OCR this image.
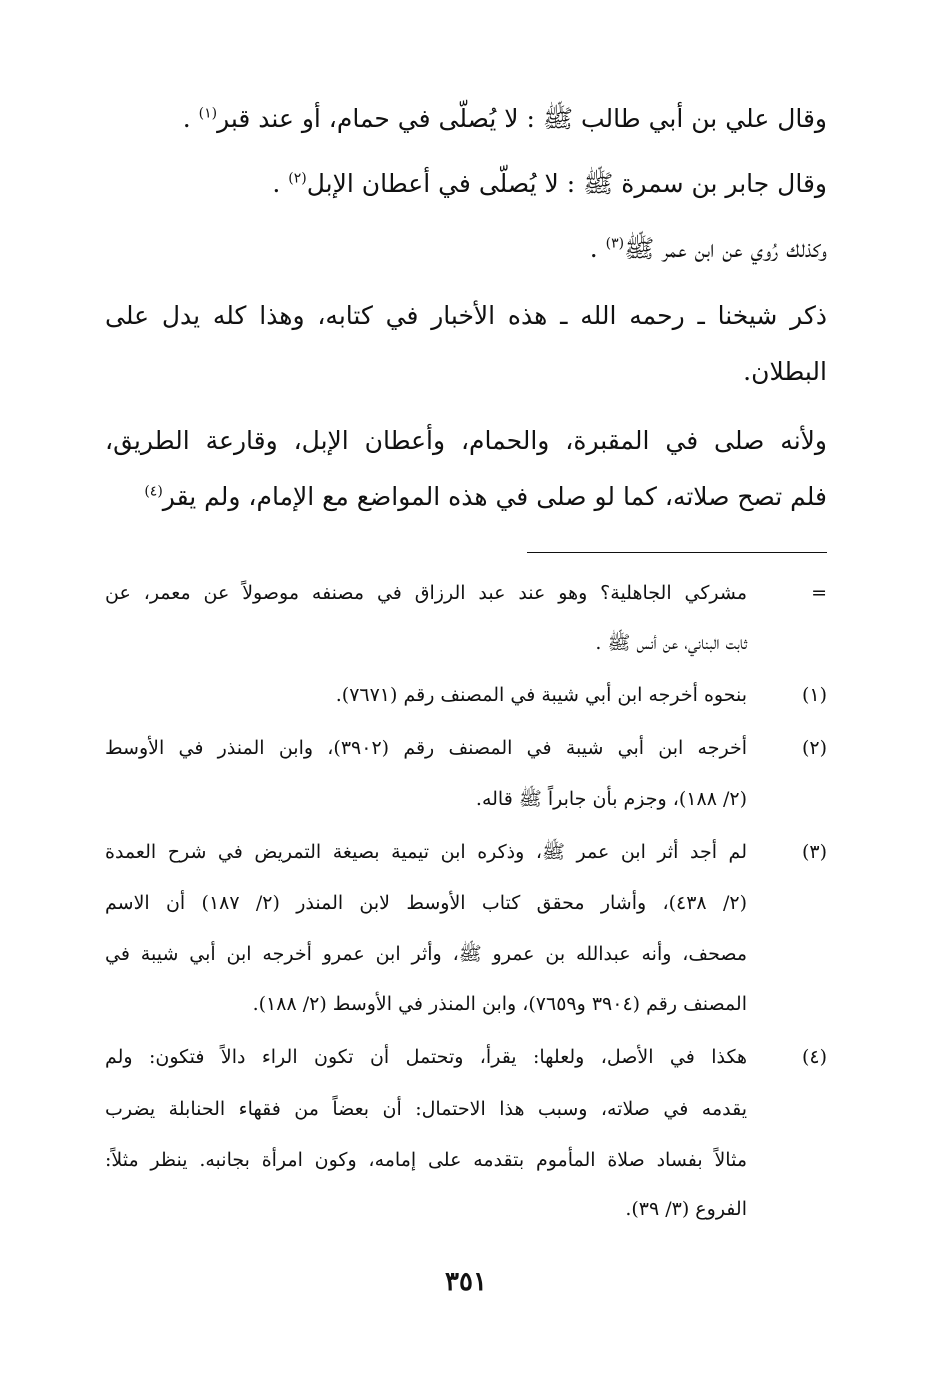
وقال علي بن أبي طالب ﷺ : لا يُصلّى في حمام، أو عند قبر$^{(١)}$ .
وقال جابر بن سمرة ﷺ : لا يُصلّى في أعطان الإبل$^{(٢)}$ .
وكذلك رُوي عن ابن عمر ﷺ$^{(٣)}$ .
ذكر شيخنا ـ رحمه الله ـ هذه الأخبار في كتابه، وهذا كله يدل على
البطلان.
ولأنه صلى في المقبرة، والحمام، وأعطان الإبل، وقارعة الطريق،
فلم تصح صلاته، كما لو صلى في هذه المواضع مع الإمام، ولم يقر$^{(٤)}$
=
مشركي الجاهلية؟ وهو عند عبد الرزاق في مصنفه موصولاً عن معمر، عن
ثابت البناني، عن أنس ﷺ .
(١)
بنحوه أخرجه ابن أبي شيبة في المصنف رقم (٧٦٧١).
(٢)
أخرجه ابن أبي شيبة في المصنف رقم (٣٩٠٢)، وابن المنذر في الأوسط
(٢/ ١٨٨)، وجزم بأن جابراً ﷺ قاله.
(٣)
لم أجد أثر ابن عمر ﷺ، وذكره ابن تيمية بصيغة التمريض في شرح العمدة
(٢/ ٤٣٨)، وأشار محقق كتاب الأوسط لابن المنذر (٢/ ١٨٧) أن الاسم
مصحف، وأنه عبدالله بن عمرو ﷺ، وأثر ابن عمرو أخرجه ابن أبي شيبة في
المصنف رقم (٣٩٠٤ و٧٦٥٩)، وابن المنذر في الأوسط (٢/ ١٨٨).
(٤)
هكذا في الأصل، ولعلها: يقرأ، وتحتمل أن تكون الراء دالاً فتكون: ولم
يقدمه في صلاته، وسبب هذا الاحتمال: أن بعضاً من فقهاء الحنابلة يضرب
مثالاً بفساد صلاة المأموم بتقدمه على إمامه، وكون امرأة بجانبه. ينظر مثلاً:
الفروع (٣/ ٣٩).
٣٥١
